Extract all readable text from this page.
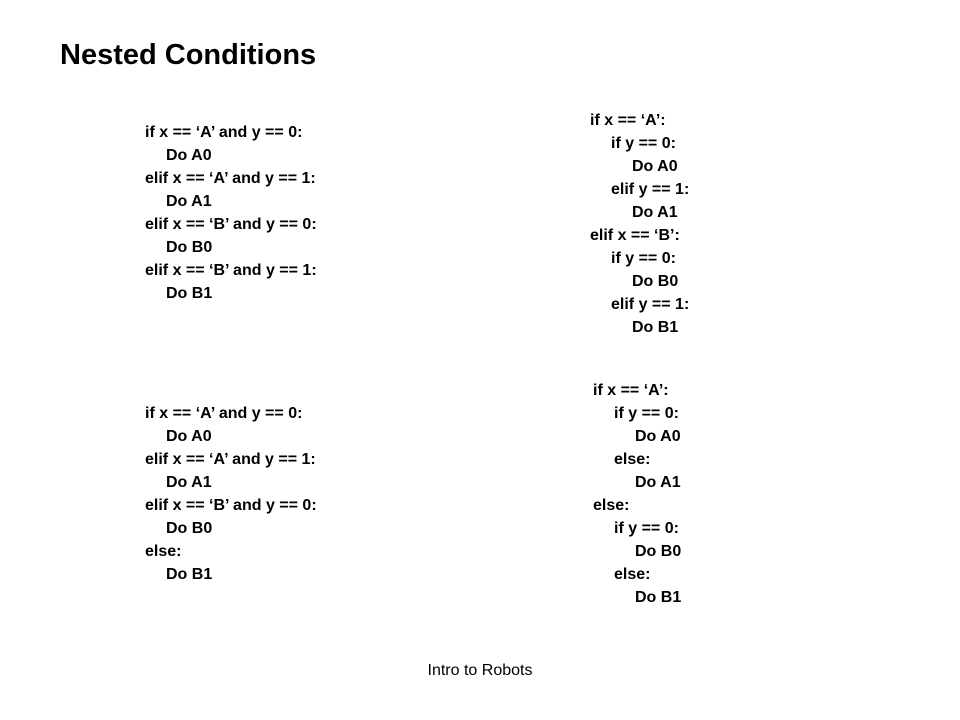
Nested Conditions
if x == ‘A’ and y == 0:
Do A0
elif x == ‘A’ and y == 1:
Do A1
elif x == ‘B’ and y == 0:
Do B0
elif x == ‘B’ and y == 1:
Do B1
if x == ‘A’:
if y == 0:
Do A0
elif y == 1:
Do A1
elif x == ‘B’:
if y == 0:
Do B0
elif y == 1:
Do B1
if x == ‘A’ and y == 0:
Do A0
elif x == ‘A’ and y == 1:
Do A1
elif x == ‘B’ and y == 0:
Do B0
else:
Do B1
if x == ‘A’:
if y == 0:
Do A0
else:
Do A1
else:
if y == 0:
Do B0
else:
Do B1
Intro to Robots
